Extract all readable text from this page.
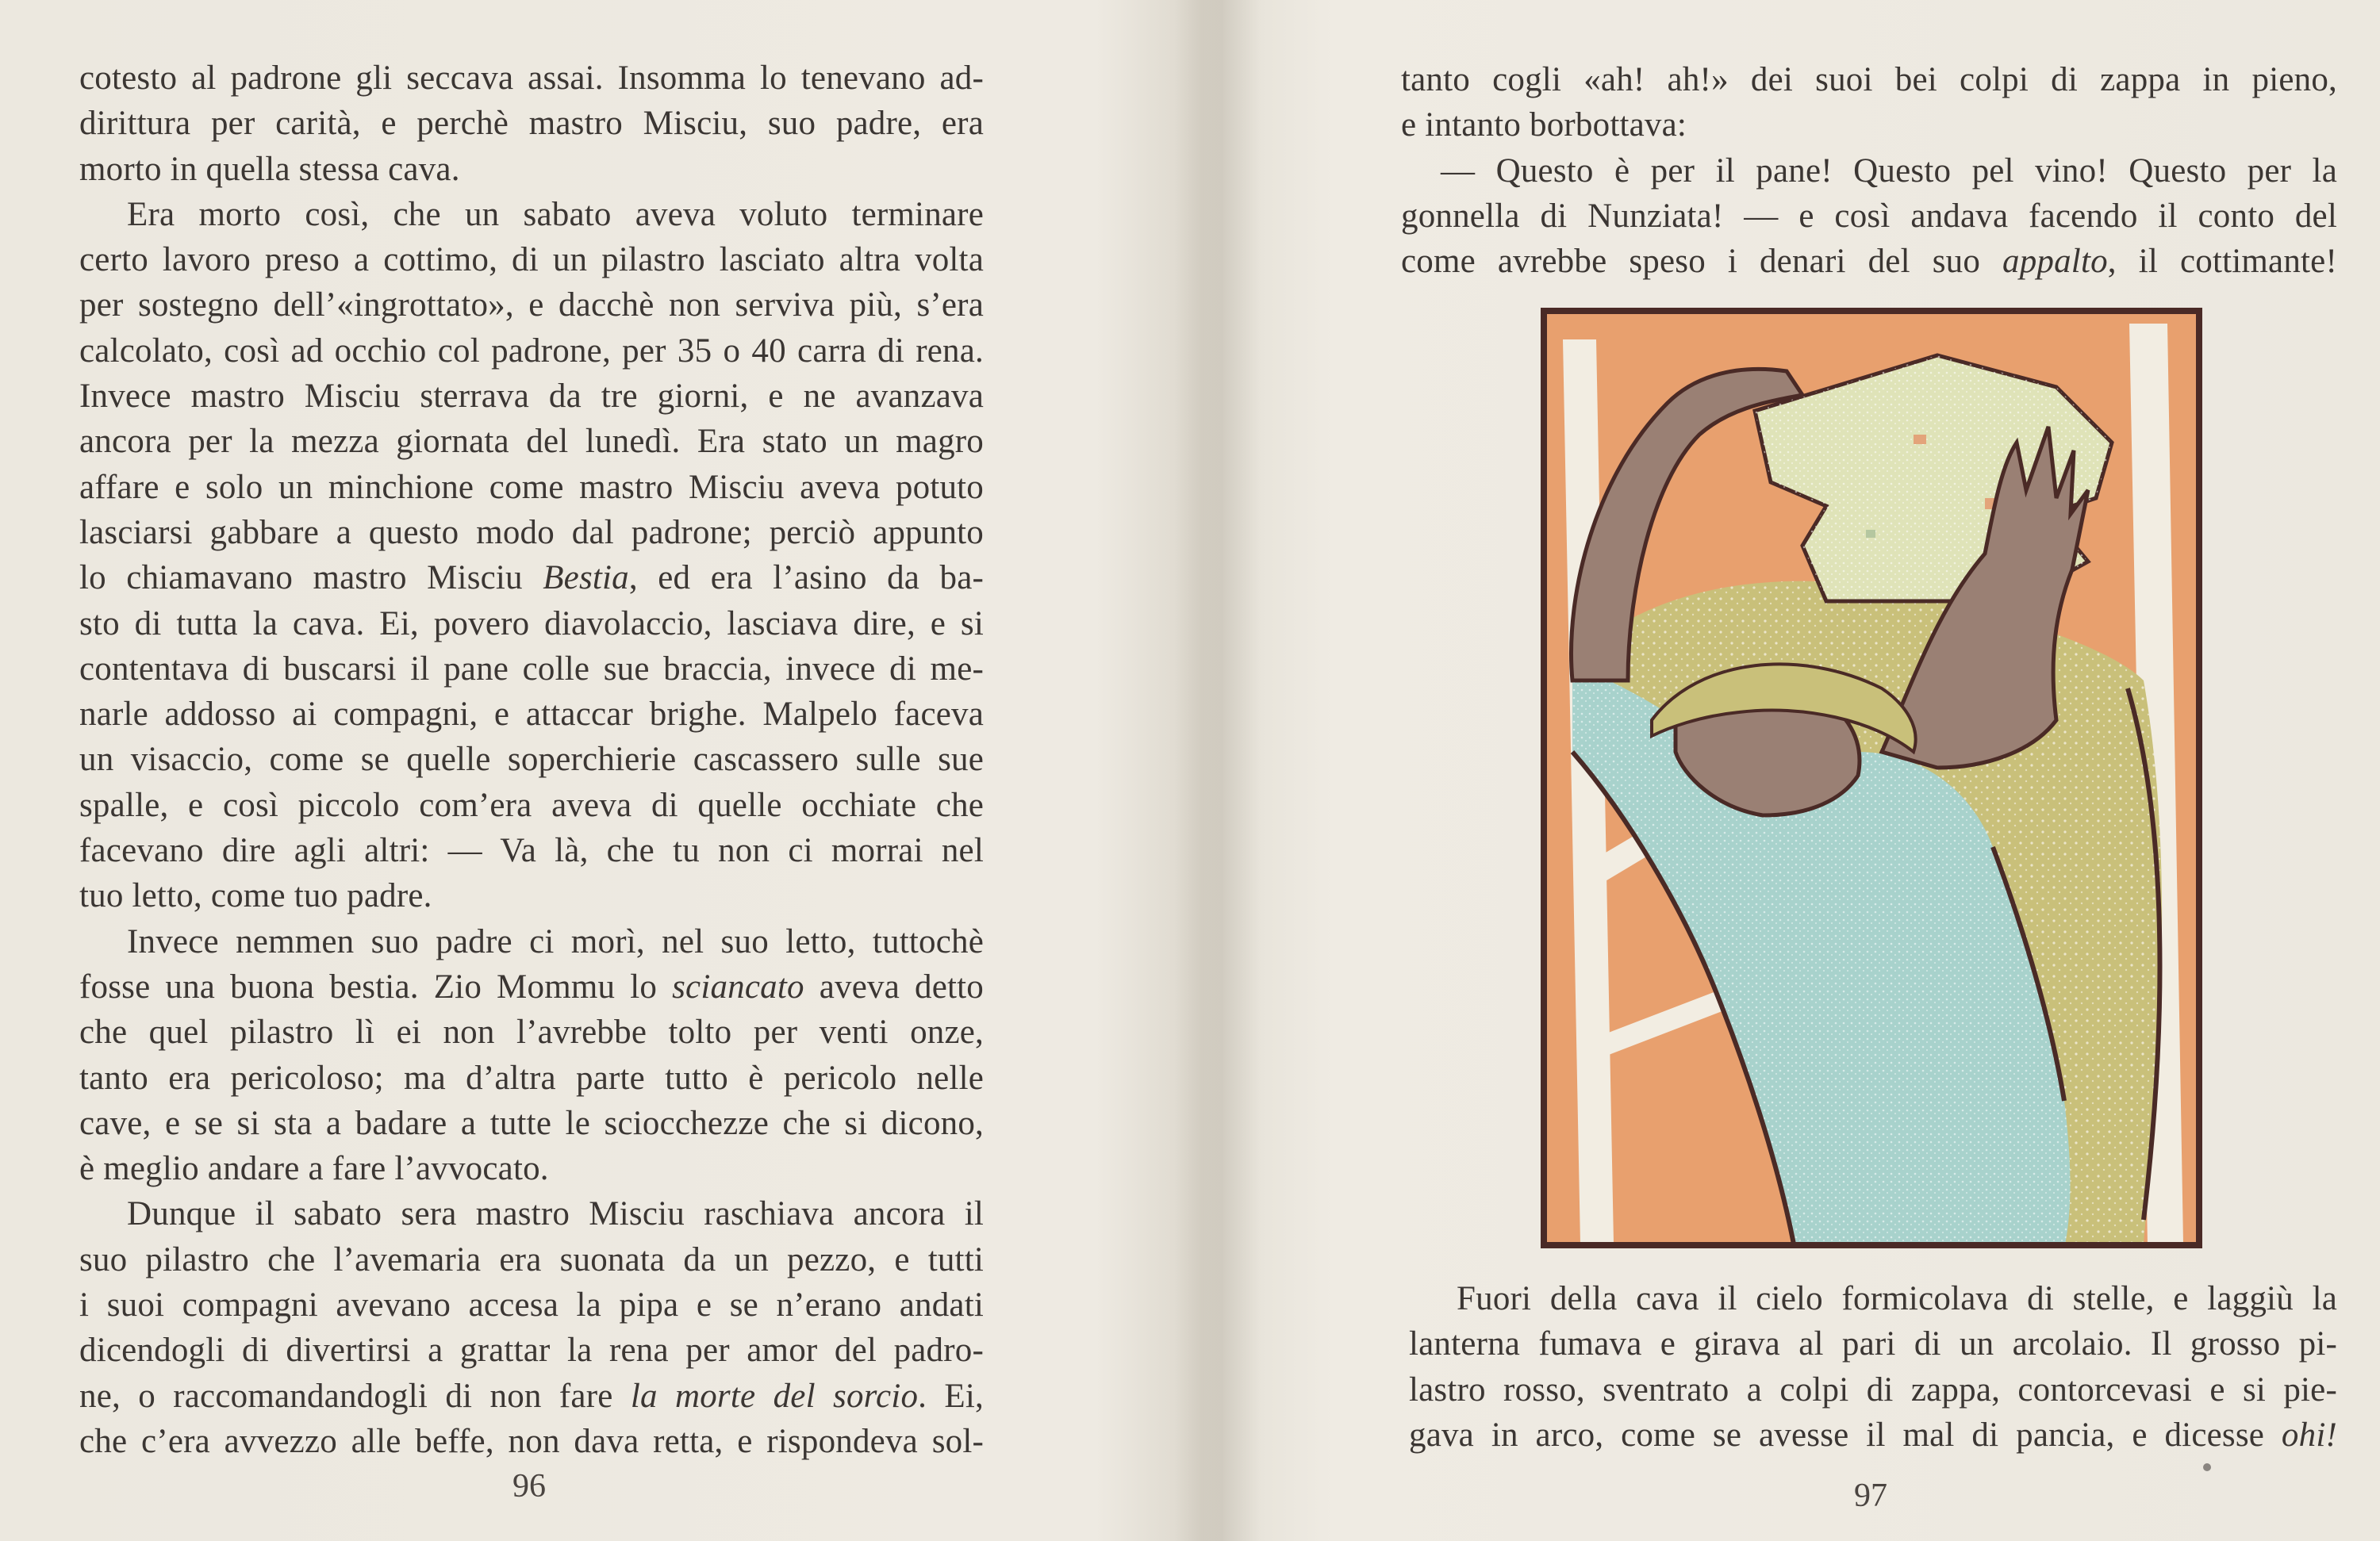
cotesto al padrone gli seccava assai. Insomma lo tenevano ad-
dirittura per carità, e perchè mastro Misciu, suo padre, era
morto in quella stessa cava.
Era morto così, che un sabato aveva voluto terminare
certo lavoro preso a cottimo, di un pilastro lasciato altra volta
per sostegno dell’«ingrottato», e dacchè non serviva più, s’era
calcolato, così ad occhio col padrone, per 35 o 40 carra di rena.
Invece mastro Misciu sterrava da tre giorni, e ne avanzava
ancora per la mezza giornata del lunedì. Era stato un magro
affare e solo un minchione come mastro Misciu aveva potuto
lasciarsi gabbare a questo modo dal padrone; perciò appunto
lo chiamavano mastro Misciu Bestia, ed era l’asino da ba-
sto di tutta la cava. Ei, povero diavolaccio, lasciava dire, e si
contentava di buscarsi il pane colle sue braccia, invece di me-
narle addosso ai compagni, e attaccar brighe. Malpelo faceva
un visaccio, come se quelle soperchierie cascassero sulle sue
spalle, e così piccolo com’era aveva di quelle occhiate che
facevano dire agli altri: — Va là, che tu non ci morrai nel
tuo letto, come tuo padre.
Invece nemmen suo padre ci morì, nel suo letto, tuttochè
fosse una buona bestia. Zio Mommu lo sciancato aveva detto
che quel pilastro lì ei non l’avrebbe tolto per venti onze,
tanto era pericoloso; ma d’altra parte tutto è pericolo nelle
cave, e se si sta a badare a tutte le sciocchezze che si dicono,
è meglio andare a fare l’avvocato.
Dunque il sabato sera mastro Misciu raschiava ancora il
suo pilastro che l’avemaria era suonata da un pezzo, e tutti
i suoi compagni avevano accesa la pipa e se n’erano andati
dicendogli di divertirsi a grattar la rena per amor del padro-
ne, o raccomandandogli di non fare la morte del sorcio. Ei,
che c’era avvezzo alle beffe, non dava retta, e rispondeva sol-
96
tanto cogli «ah! ah!» dei suoi bei colpi di zappa in pieno,
e intanto borbottava:
— Questo è per il pane! Questo pel vino! Questo per la
gonnella di Nunziata! — e così andava facendo il conto del
come avrebbe speso i denari del suo appalto, il cottimante!
Fuori della cava il cielo formicolava di stelle, e laggiù la
lanterna fumava e girava al pari di un arcolaio. Il grosso pi-
lastro rosso, sventrato a colpi di zappa, contorcevasi e si pie-
gava in arco, come se avesse il mal di pancia, e dicesse ohi!
97
